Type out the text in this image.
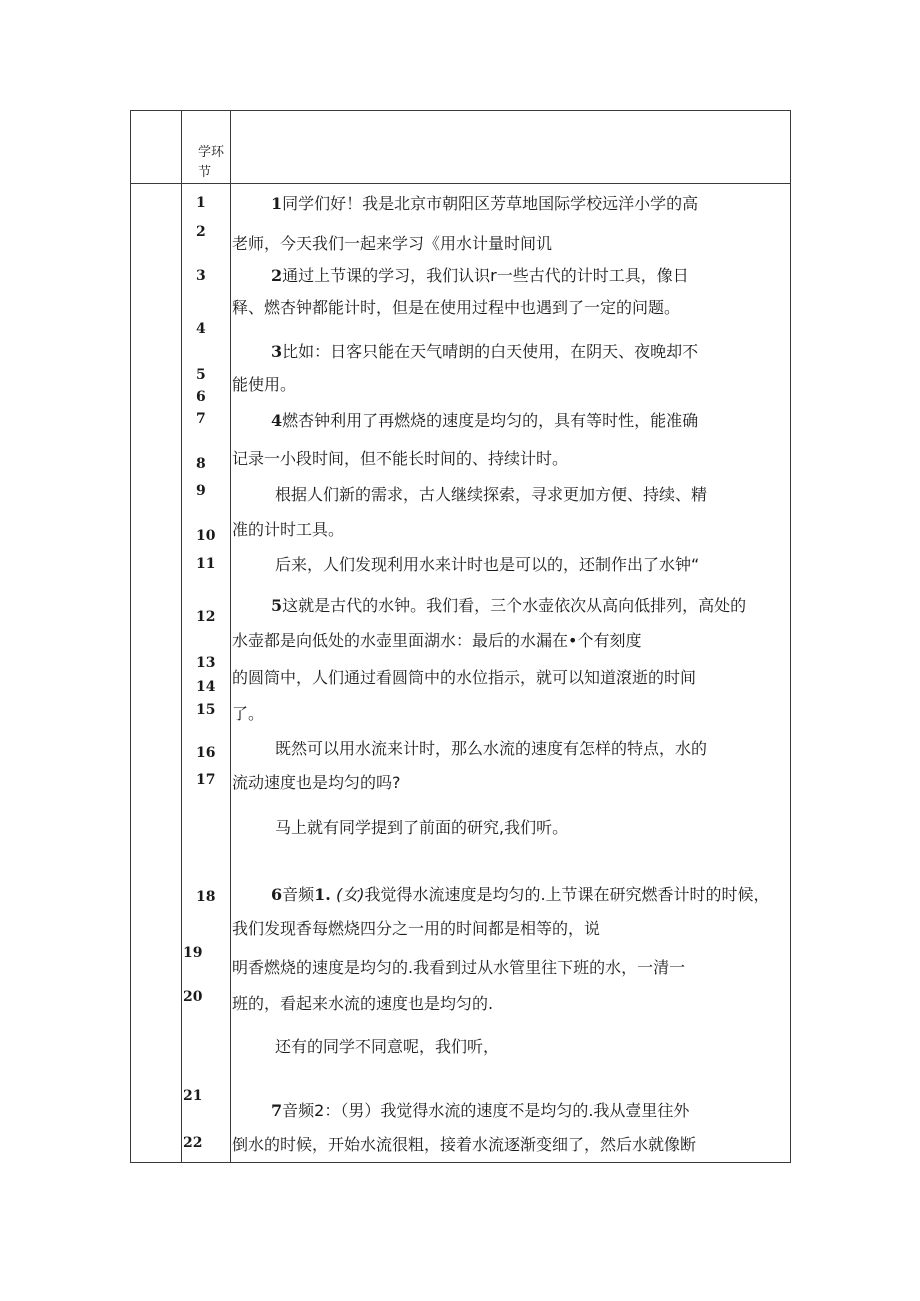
学环
节
1
2
3
4
5
6
7
8
9
10
11
12
13
14
15
16
17
18
19
20
21
22
1同学们好！我是北京市朝阳区芳草地国际学校远洋小学的高
老师，今天我们一起来学习《用水计量时间讥
2通过上节课的学习，我们认识r一些古代的计时工具，像日
释、燃杏钟都能计时，但是在使用过程中也遇到了一定的问题。
3比如：日客只能在天气晴朗的白天使用，在阴天、夜晚却不
能使用。
4燃杏钟利用了再燃烧的速度是均匀的，具有等时性，能准确
记录一小段时间，但不能长时间的、持续计时。
根据人们新的需求，古人继续探索，寻求更加方便、持续、精
准的计时工具。
后来，人们发现利用水来计时也是可以的，还制作出了水钟“
5这就是古代的水钟。我们看，三个水壶依次从高向低排列，高处的
水壶都是向低处的水壶里面湖水：最后的水漏在•个有刻度
的圆筒中，人们通过看圆筒中的水位指示，就可以知道滾逝的时间
了。
既然可以用水流来计时，那么水流的速度有怎样的特点，水的
流动速度也是均匀的吗?
马上就有同学提到了前面的研究,我们听。
6音频1. (女)我觉得水流速度是均匀的.上节课在研究燃香计时的时候，
我们发现香每燃烧四分之一用的时间都是相等的，说
明香燃烧的速度是均匀的.我看到过从水管里往下班的水，一清一
班的，看起来水流的速度也是均匀的.
还有的同学不同意呢，我们听，
7音频2：（男）我觉得水流的速度不是均匀的.我从壹里往外
倒水的时候，开始水流很粗，接着水流逐渐变细了，然后水就像断
